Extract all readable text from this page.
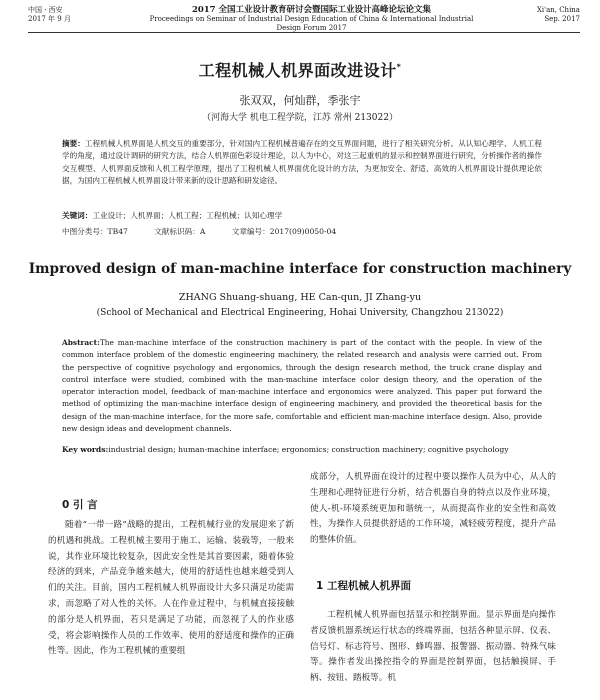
中国 · 西安
2017 年 9 月
2017 全国工业设计教育研讨会暨国际工业设计高峰论坛论文集
Proceedings on Seminar of Industrial Design Education of China & International Industrial Design Forum 2017
Xi'an, China
Sep. 2017
工程机械人机界面改进设计*
张双双，何灿群，季张宇
（河海大学 机电工程学院，江苏 常州 213022）
摘要：工程机械人机界面是人机交互的重要部分，针对国内工程机械普遍存在的交互界面问题，进行了相关研究分析。从认知心理学、人机工程学的角度，通过设计调研的研究方法，结合人机界面色彩设计理论，以人为中心，对这三起重机的显示和控制界面进行研究，分析操作者的操作交互模型、人机界面反馈和人机工程学原理，提出了工程机械人机界面优化设计的方法，为更加安全、舒适、高效的人机界面设计提供理论依据，为国内工程机械人机界面设计带来新的设计思路和研发途径。
关键词：工业设计；人机界面；人机工程；工程机械；认知心理学
中图分类号：TB47	文献标识码：A	文章编号：2017(09)0050-04
Improved design of man-machine interface for construction machinery
ZHANG Shuang-shuang, HE Can-qun, JI Zhang-yu
(School of Mechanical and Electrical Engineering, Hohai University, Changzhou 213022)
Abstract:The man-machine interface of the construction machinery is part of the contact with the people. In view of the common interface problem of the domestic engineering machinery, the related research and analysis were carried out. From the perspective of cognitive psychology and ergonomics, through the design research method, the truck crane display and control interface were studied, combined with the man-machine interface color design theory, and the operation of the operator interaction model, feedback of man-machine interface and ergonomics were analyzed. This paper put forward the method of optimizing the man-machine interface design of engineering machinery, and provided the theoretical basis for the design of the man-machine interface, for the more safe, comfortable and efficient man-machine interface design. Also, provide new design ideas and development channels.
Key words:industrial design; human-machine interface; ergonomics; construction machinery; cognitive psychology
0 引 言
随着“一带一路”战略的提出，工程机械行业的发展迎来了新的机遇和挑战。工程机械主要用于施工、运输、装载等，一般来说，其作业环境比较复杂，因此安全性是其首要因素，随着体验经济的到来，产品竞争越来越大，使用的舒适性也越来越受到人们的关注。目前，国内工程机械人机界面设计大多只满足功能需求，而忽略了对人性的关怀。人在作业过程中，与机械直接接触的部分是人机界面，若只是满足了功能，而忽视了人的作业感受，将会影响操作人员的工作效率、使用的舒适度和操作的正确性等。因此，作为工程机械的重要组
成部分，人机界面在设计的过程中要以操作人员为中心，从人的生理和心理特征进行分析，结合机器自身的特点以及作业环境，使人-机-环境系统更加和谐统一，从而提高作业的安全性和高效性，为操作人员提供舒适的工作环境，减轻疲劳程度，提升产品的整体价值。
1 工程机械人机界面
工程机械人机界面包括显示和控制界面。显示界面是向操作者反馈机器系统运行状态的终端界面，包括各种显示屏、仪表、信号灯、标志符号、图形、蜂鸣器、报警器、振动器、特殊气味等。操作者发出操控指令的界面是控制界面，包括触摸屏、手柄、按钮、踏板等。机
